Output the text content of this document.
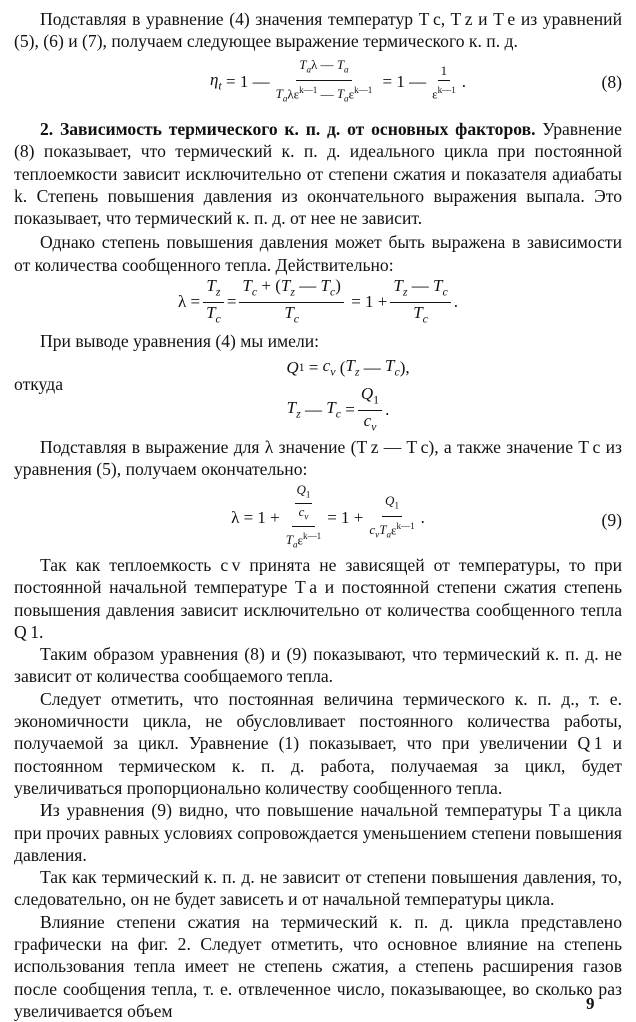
Подставляя в уравнение (4) значения температур T c, T z и T e из уравнений (5), (6) и (7), получаем следующее выражение термического к. п. д.

$\eta_t = 1$ — $\frac{T_a\lambda — T_a}{T_a\lambda\varepsilon^{k—1} — T_a\varepsilon^{k—1}} = 1$ — $\frac{1}{\varepsilon^{k—1}}$ .	(8)

2. Зависимость термического к. п. д. от основных факторов. Уравнение (8) показывает, что термический к. п. д. идеального цикла при постоянной теплоемкости зависит исключительно от степени сжатия и показателя адиабаты k. Степень повышения давления из окончательного выражения выпала. Это показывает, что термический к. п. д. от нее не зависит.

Однако степень повышения давления может быть выражена в зависимости от количества сообщенного тепла. Действительно:

$\lambda = \frac{T_z}{T_c} = \frac{T_c + (T_z — T_c)}{T_c} = 1 + \frac{T_z — T_c}{T_c}$ .

При выводе уравнения (4) мы имели:

Q $1 = c_v$ ( $T_z$ — $T_c$ ),

откуда

$T_z$ — $T_c = \frac{Q_1}{c_v}$ .

Подставляя в выражение для λ значение (T z — T c), а также значение T c из уравнения (5), получаем окончательно:

$\lambda = 1 + Q_1$
$c_v$
$T_a\varepsilon^{k—1} = 1 + \frac{Q_1}{c_vT_a\varepsilon^{k—1}}$ .	(9)

Так как теплоемкость c v принята не зависящей от температуры, то при постоянной начальной температуре T a и постоянной степени сжатия степень повышения давления зависит исключительно от количества сообщенного тепла Q 1.

Таким образом уравнения (8) и (9) показывают, что термический к. п. д. не зависит от количества сообщаемого тепла.

Следует отметить, что постоянная величина термического к. п. д., т. е. экономичности цикла, не обусловливает постоянного количества работы, получаемой за цикл. Уравнение (1) показывает, что при увеличении Q 1 и постоянном термическом к. п. д. работа, получаемая за цикл, будет увеличиваться пропорционально количеству сообщенного тепла.

Из уравнения (9) видно, что повышение начальной температуры T a цикла при прочих равных условиях сопровождается уменьшением степени повышения давления.

Так как термический к. п. д. не зависит от степени повышения давления, то, следовательно, он не будет зависеть и от начальной температуры цикла.

Влияние степени сжатия на термический к. п. д. цикла представлено графически на фиг. 2. Следует отметить, что основное влияние на степень использования тепла имеет не степень сжатия, а степень расширения газов после сообщения тепла, т. е. отвлеченное число, показывающее, во сколько раз увеличивается объем	9
